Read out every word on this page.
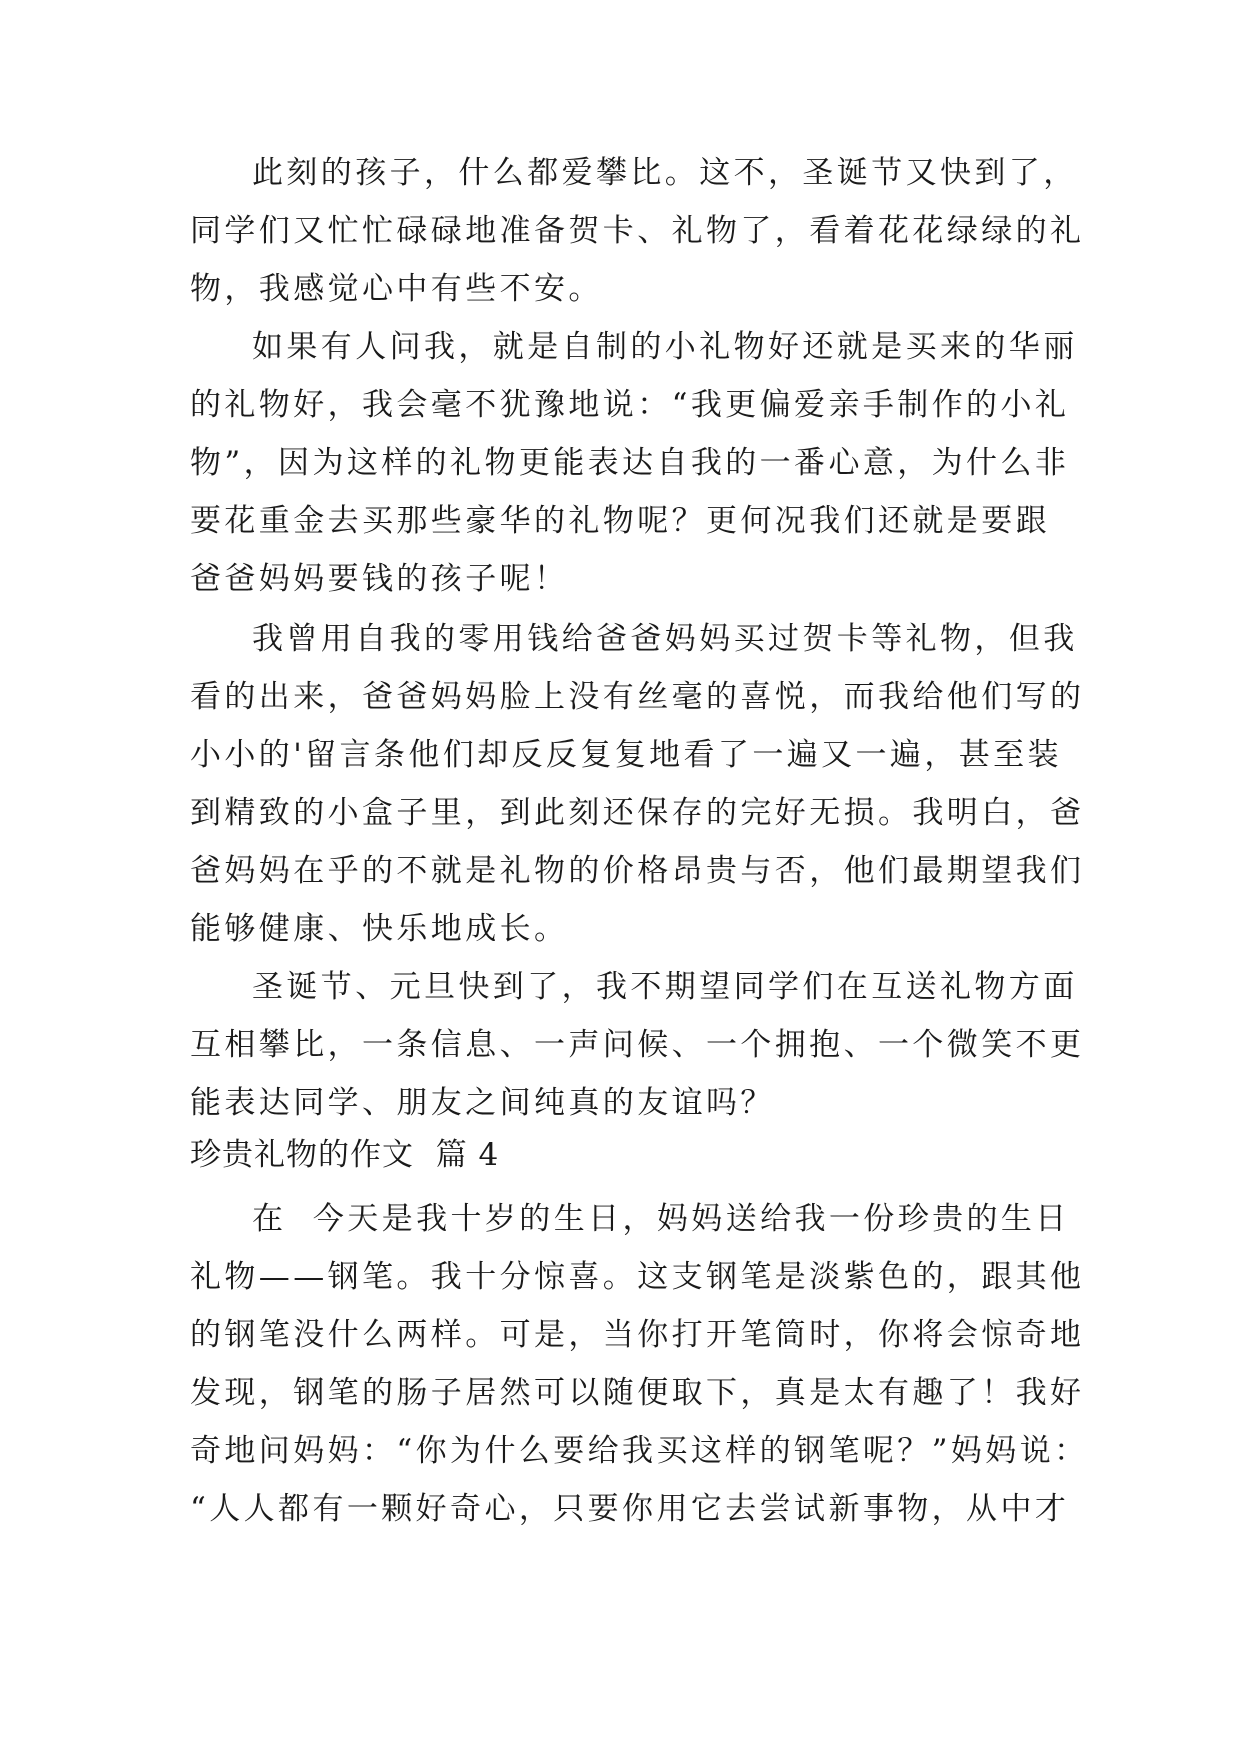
此刻的孩子，什么都爱攀比。这不，圣诞节又快到了，
同学们又忙忙碌碌地准备贺卡、礼物了，看着花花绿绿的礼
物，我感觉心中有些不安。
如果有人问我，就是自制的小礼物好还就是买来的华丽
的礼物好，我会毫不犹豫地说：“我更偏爱亲手制作的小礼
物”，因为这样的礼物更能表达自我的一番心意，为什么非
要花重金去买那些豪华的礼物呢？更何况我们还就是要跟
爸爸妈妈要钱的孩子呢！
我曾用自我的零用钱给爸爸妈妈买过贺卡等礼物，但我
看的出来，爸爸妈妈脸上没有丝毫的喜悦，而我给他们写的
小小的'留言条他们却反反复复地看了一遍又一遍，甚至装
到精致的小盒子里，到此刻还保存的完好无损。我明白，爸
爸妈妈在乎的不就是礼物的价格昂贵与否，他们最期望我们
能够健康、快乐地成长。
圣诞节、元旦快到了，我不期望同学们在互送礼物方面
互相攀比，一条信息、一声问候、一个拥抱、一个微笑不更
能表达同学、朋友之间纯真的友谊吗？
珍贵礼物的作文  篇 4
在  今天是我十岁的生日，妈妈送给我一份珍贵的生日
礼物——钢笔。我十分惊喜。这支钢笔是淡紫色的，跟其他
的钢笔没什么两样。可是，当你打开笔筒时，你将会惊奇地
发现，钢笔的肠子居然可以随便取下，真是太有趣了！我好
奇地问妈妈：“你为什么要给我买这样的钢笔呢？”妈妈说：
“人人都有一颗好奇心，只要你用它去尝试新事物，从中才
